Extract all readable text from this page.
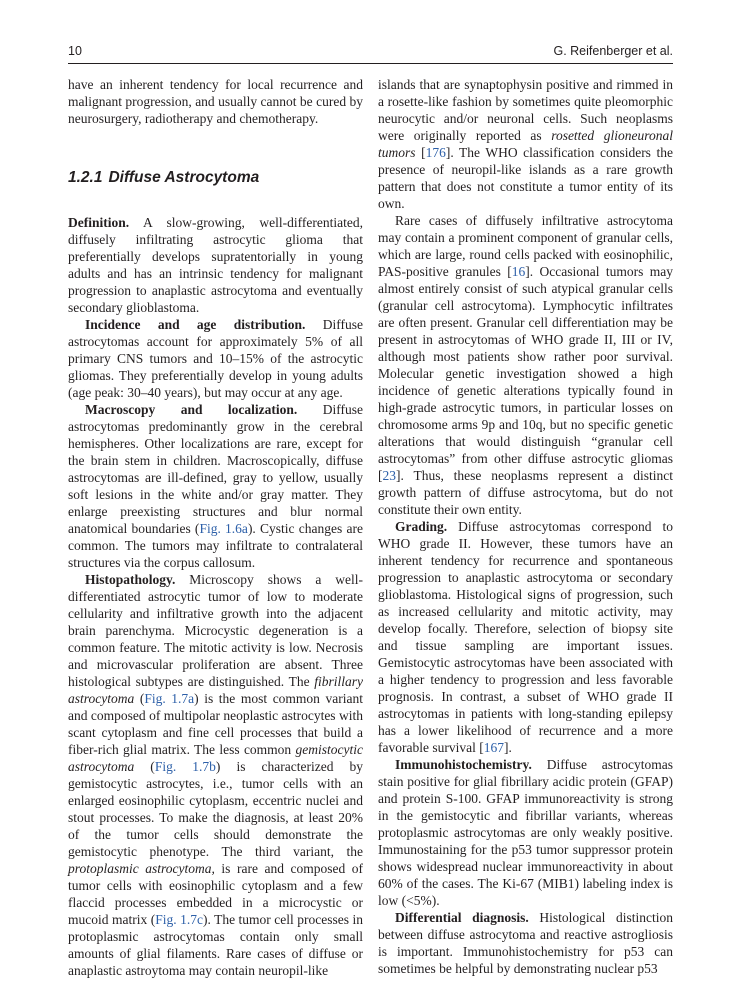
10	G. Reifenberger et al.

have an inherent tendency for local recurrence and malignant progression, and usually cannot be cured by neurosurgery, radiotherapy and chemotherapy.

1.2.1 Diffuse Astrocytoma

Definition. A slow-growing, well-differentiated, diffusely infiltrating astrocytic glioma that preferentially develops supratentorially in young adults and has an intrinsic tendency for malignant progression to anaplastic astrocytoma and eventually secondary glioblastoma.

Incidence and age distribution. Diffuse astrocytomas account for approximately 5% of all primary CNS tumors and 10–15% of the astrocytic gliomas. They preferentially develop in young adults (age peak: 30–40 years), but may occur at any age.

Macroscopy and localization. Diffuse astrocytomas predominantly grow in the cerebral hemispheres. Other localizations are rare, except for the brain stem in children. Macroscopically, diffuse astrocytomas are ill-defined, gray to yellow, usually soft lesions in the white and/or gray matter. They enlarge preexisting structures and blur normal anatomical boundaries (Fig. 1.6a). Cystic changes are common. The tumors may infiltrate to contralateral structures via the corpus callosum.

Histopathology. Microscopy shows a well-differentiated astrocytic tumor of low to moderate cellularity and infiltrative growth into the adjacent brain parenchyma. Microcystic degeneration is a common feature. The mitotic activity is low. Necrosis and microvascular proliferation are absent. Three histological subtypes are distinguished. The fibrillary astrocytoma (Fig. 1.7a) is the most common variant and composed of multipolar neoplastic astrocytes with scant cytoplasm and fine cell processes that build a fiber-rich glial matrix. The less common gemistocytic astrocytoma (Fig. 1.7b) is characterized by gemistocytic astrocytes, i.e., tumor cells with an enlarged eosinophilic cytoplasm, eccentric nuclei and stout processes. To make the diagnosis, at least 20% of the tumor cells should demonstrate the gemistocytic phenotype. The third variant, the protoplasmic astrocytoma, is rare and composed of tumor cells with eosinophilic cytoplasm and a few flaccid processes embedded in a microcystic or mucoid matrix (Fig. 1.7c). The tumor cell processes in protoplasmic astrocytomas contain only small amounts of glial filaments. Rare cases of diffuse or anaplastic astroytoma may contain neuropil-like

islands that are synaptophysin positive and rimmed in a rosette-like fashion by sometimes quite pleomorphic neurocytic and/or neuronal cells. Such neoplasms were originally reported as rosetted glioneuronal tumors [176]. The WHO classification considers the presence of neuropil-like islands as a rare growth pattern that does not constitute a tumor entity of its own.

Rare cases of diffusely infiltrative astrocytoma may contain a prominent component of granular cells, which are large, round cells packed with eosinophilic, PAS-positive granules [16]. Occasional tumors may almost entirely consist of such atypical granular cells (granular cell astrocytoma). Lymphocytic infiltrates are often present. Granular cell differentiation may be present in astrocytomas of WHO grade II, III or IV, although most patients show rather poor survival. Molecular genetic investigation showed a high incidence of genetic alterations typically found in high-grade astrocytic tumors, in particular losses on chromosome arms 9p and 10q, but no specific genetic alterations that would distinguish “granular cell astrocytomas” from other diffuse astrocytic gliomas [23]. Thus, these neoplasms represent a distinct growth pattern of diffuse astrocytoma, but do not constitute their own entity.

Grading. Diffuse astrocytomas correspond to WHO grade II. However, these tumors have an inherent tendency for recurrence and spontaneous progression to anaplastic astrocytoma or secondary glioblastoma. Histological signs of progression, such as increased cellularity and mitotic activity, may develop focally. Therefore, selection of biopsy site and tissue sampling are important issues. Gemistocytic astrocytomas have been associated with a higher tendency to progression and less favorable prognosis. In contrast, a subset of WHO grade II astrocytomas in patients with long-standing epilepsy has a lower likelihood of recurrence and a more favorable survival [167].

Immunohistochemistry. Diffuse astrocytomas stain positive for glial fibrillary acidic protein (GFAP) and protein S-100. GFAP immunoreactivity is strong in the gemistocytic and fibrillar variants, whereas protoplasmic astrocytomas are only weakly positive. Immunostaining for the p53 tumor suppressor protein shows widespread nuclear immunoreactivity in about 60% of the cases. The Ki-67 (MIB1) labeling index is low (<5%).

Differential diagnosis. Histological distinction between diffuse astrocytoma and reactive astrogliosis is important. Immunohistochemistry for p53 can sometimes be helpful by demonstrating nuclear p53
